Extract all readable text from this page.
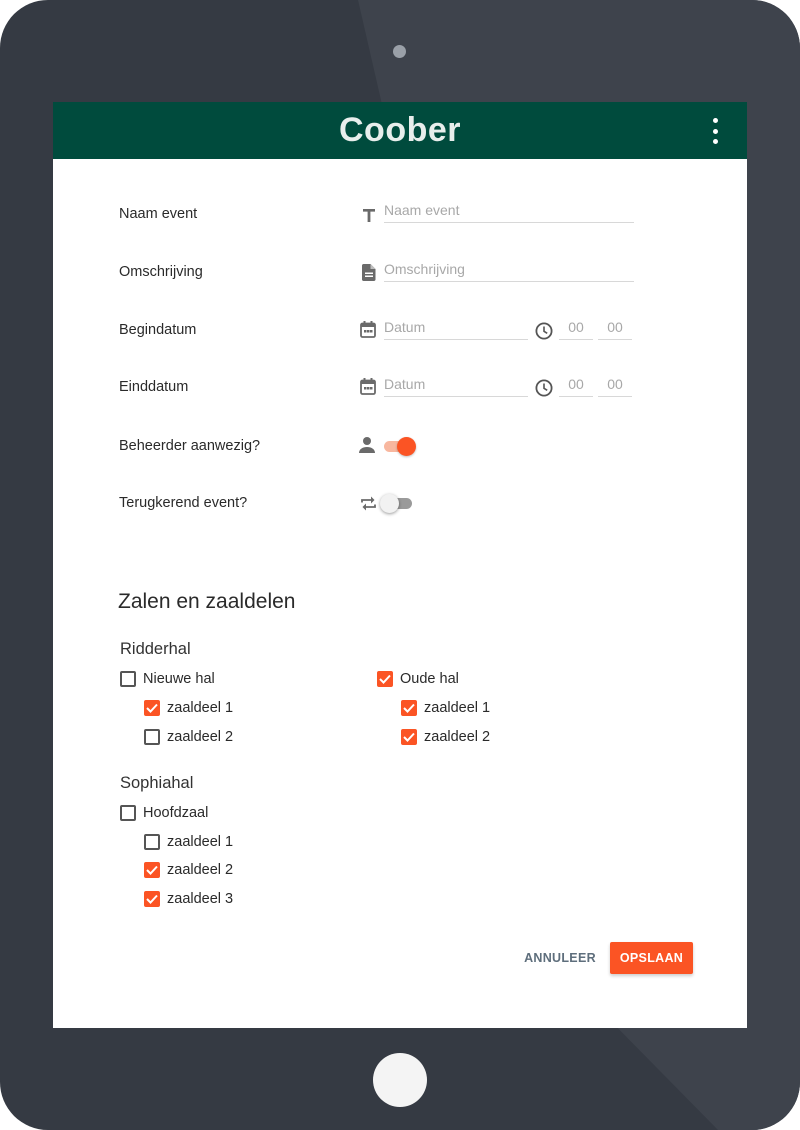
Coober
Naam event
Naam event
Omschrijving
Omschrijving
Begindatum
Datum
00
00
Einddatum
Datum
00
00
Beheerder aanwezig?
Terugkerend event?
Zalen en zaaldelen
Ridderhal
Nieuwe hal
zaaldeel 1
zaaldeel 2
Oude hal
zaaldeel 1
zaaldeel 2
Sophiahal
Hoofdzaal
zaaldeel 1
zaaldeel 2
zaaldeel 3
ANNULEER	OPSLAAN
